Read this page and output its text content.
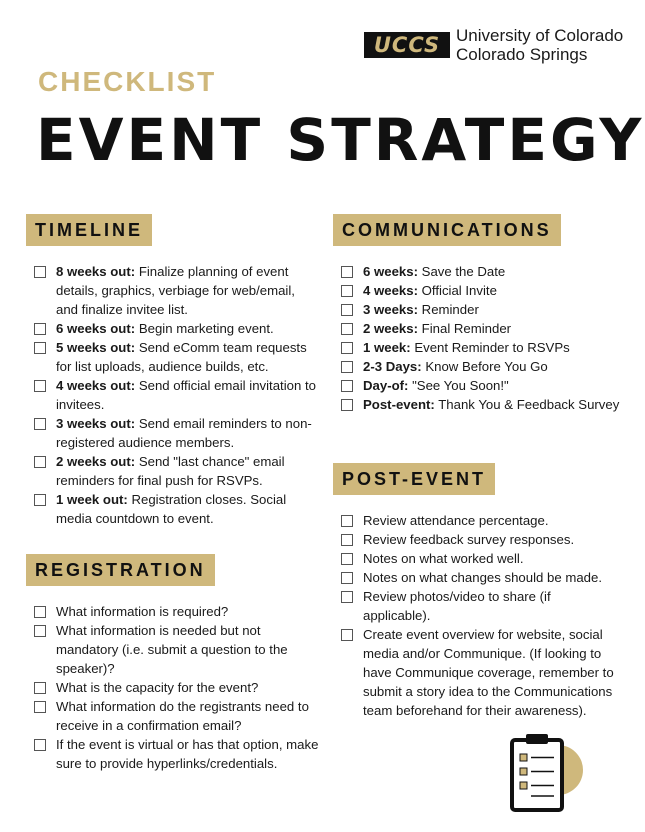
UCCS University of Colorado
Colorado Springs
CHECKLIST
EVENT STRATEGY
TIMELINE
8 weeks out: Finalize planning of event details, graphics, verbiage for web/email, and finalize invitee list.
6 weeks out: Begin marketing event.
5 weeks out: Send eComm team requests for list uploads, audience builds, etc.
4 weeks out: Send official email invitation to invitees.
3 weeks out: Send email reminders to non-registered audience members.
2 weeks out: Send "last chance" email reminders for final push for RSVPs.
1 week out: Registration closes. Social media countdown to event.
REGISTRATION
What information is required?
What information is needed but not mandatory (i.e. submit a question to the speaker)?
What is the capacity for the event?
What information do the registrants need to receive in a confirmation email?
If the event is virtual or has that option, make sure to provide hyperlinks/credentials.
COMMUNICATIONS
6 weeks: Save the Date
4 weeks: Official Invite
3 weeks: Reminder
2 weeks: Final Reminder
1 week: Event Reminder to RSVPs
2-3 Days: Know Before You Go
Day-of: "See You Soon!"
Post-event: Thank You & Feedback Survey
POST-EVENT
Review attendance percentage.
Review feedback survey responses.
Notes on what worked well.
Notes on what changes should be made.
Review photos/video to share (if applicable).
Create event overview for website, social media and/or Communique. (If looking to have Communique coverage, remember to submit a story idea to the Communications team beforehand for their awareness).
